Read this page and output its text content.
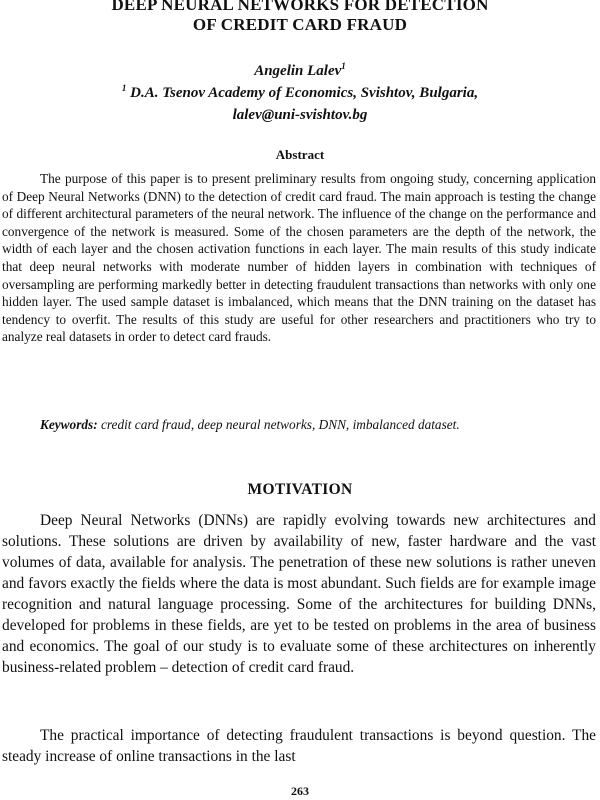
DEEP NEURAL NETWORKS FOR DETECTION
OF CREDIT CARD FRAUD
Angelin Lalev$^1$
$^1$ D.A. Tsenov Academy of Economics, Svishtov, Bulgaria,
lalev@uni-svishtov.bg
Abstract

The purpose of this paper is to present preliminary results from ongoing study, concerning application of Deep Neural Networks (DNN) to the detection of credit card fraud. The main approach is testing the change of different architectural parameters of the neural network. The influence of the change on the performance and convergence of the network is measured. Some of the chosen parameters are the depth of the network, the width of each layer and the chosen activation functions in each layer. The main results of this study indicate that deep neural networks with moderate number of hidden layers in combination with techniques of oversampling are performing markedly better in detecting fraudulent transactions than networks with only one hidden layer. The used sample dataset is imbalanced, which means that the DNN training on the dataset has tendency to overfit. The results of this study are useful for other researchers and practitioners who try to analyze real datasets in order to detect card frauds.

Keywords: credit card fraud, deep neural networks, DNN, imbalanced dataset.

MOTIVATION

Deep Neural Networks (DNNs) are rapidly evolving towards new architectures and solutions. These solutions are driven by availability of new, faster hardware and the vast volumes of data, available for analysis. The penetration of these new solutions is rather uneven and favors exactly the fields where the data is most abundant. Such fields are for example image recognition and natural language processing. Some of the architectures for building DNNs, developed for problems in these fields, are yet to be tested on problems in the area of business and economics. The goal of our study is to evaluate some of these architectures on inherently business-related problem – detection of credit card fraud.

The practical importance of detecting fraudulent transactions is beyond question. The steady increase of online transactions in the last

263
